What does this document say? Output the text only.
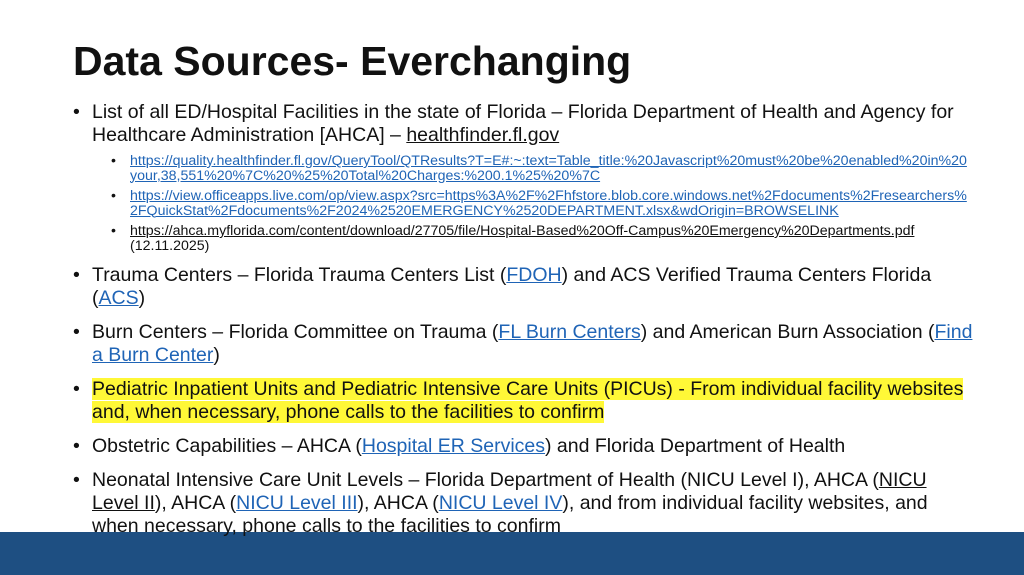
Data Sources- Everchanging
• List of all ED/Hospital Facilities in the state of Florida – Florida Department of Health and Agency for Healthcare Administration [AHCA] – healthfinder.fl.gov
• https://quality.healthfinder.fl.gov/QueryTool/QTResults?T=E#:~:text=Table_title:%20Javascript%20must%20be%20enabled%20in%20your,38,551%20%7C%20%25%20Total%20Charges:%200.1%25%20%7C
• https://view.officeapps.live.com/op/view.aspx?src=https%3A%2F%2Fhfstore.blob.core.windows.net%2Fdocuments%2Fresearchers%2FQuickStat%2Fdocuments%2F2024%2520EMERGENCY%2520DEPARTMENT.xlsx&wdOrigin=BROWSELINK
• https://ahca.myflorida.com/content/download/27705/file/Hospital-Based%20Off-Campus%20Emergency%20Departments.pdf
(12.11.2025)
• Trauma Centers – Florida Trauma Centers List (FDOH) and ACS Verified Trauma Centers Florida (ACS)
• Burn Centers – Florida Committee on Trauma (FL Burn Centers) and American Burn Association (Find a Burn Center)
• Pediatric Inpatient Units and Pediatric Intensive Care Units (PICUs) - From individual facility websites and, when necessary, phone calls to the facilities to confirm
• Obstetric Capabilities – AHCA (Hospital ER Services) and Florida Department of Health
• Neonatal Intensive Care Unit Levels – Florida Department of Health (NICU Level I), AHCA (NICU Level II), AHCA (NICU Level III), AHCA (NICU Level IV), and from individual facility websites, and when necessary, phone calls to the facilities to confirm
